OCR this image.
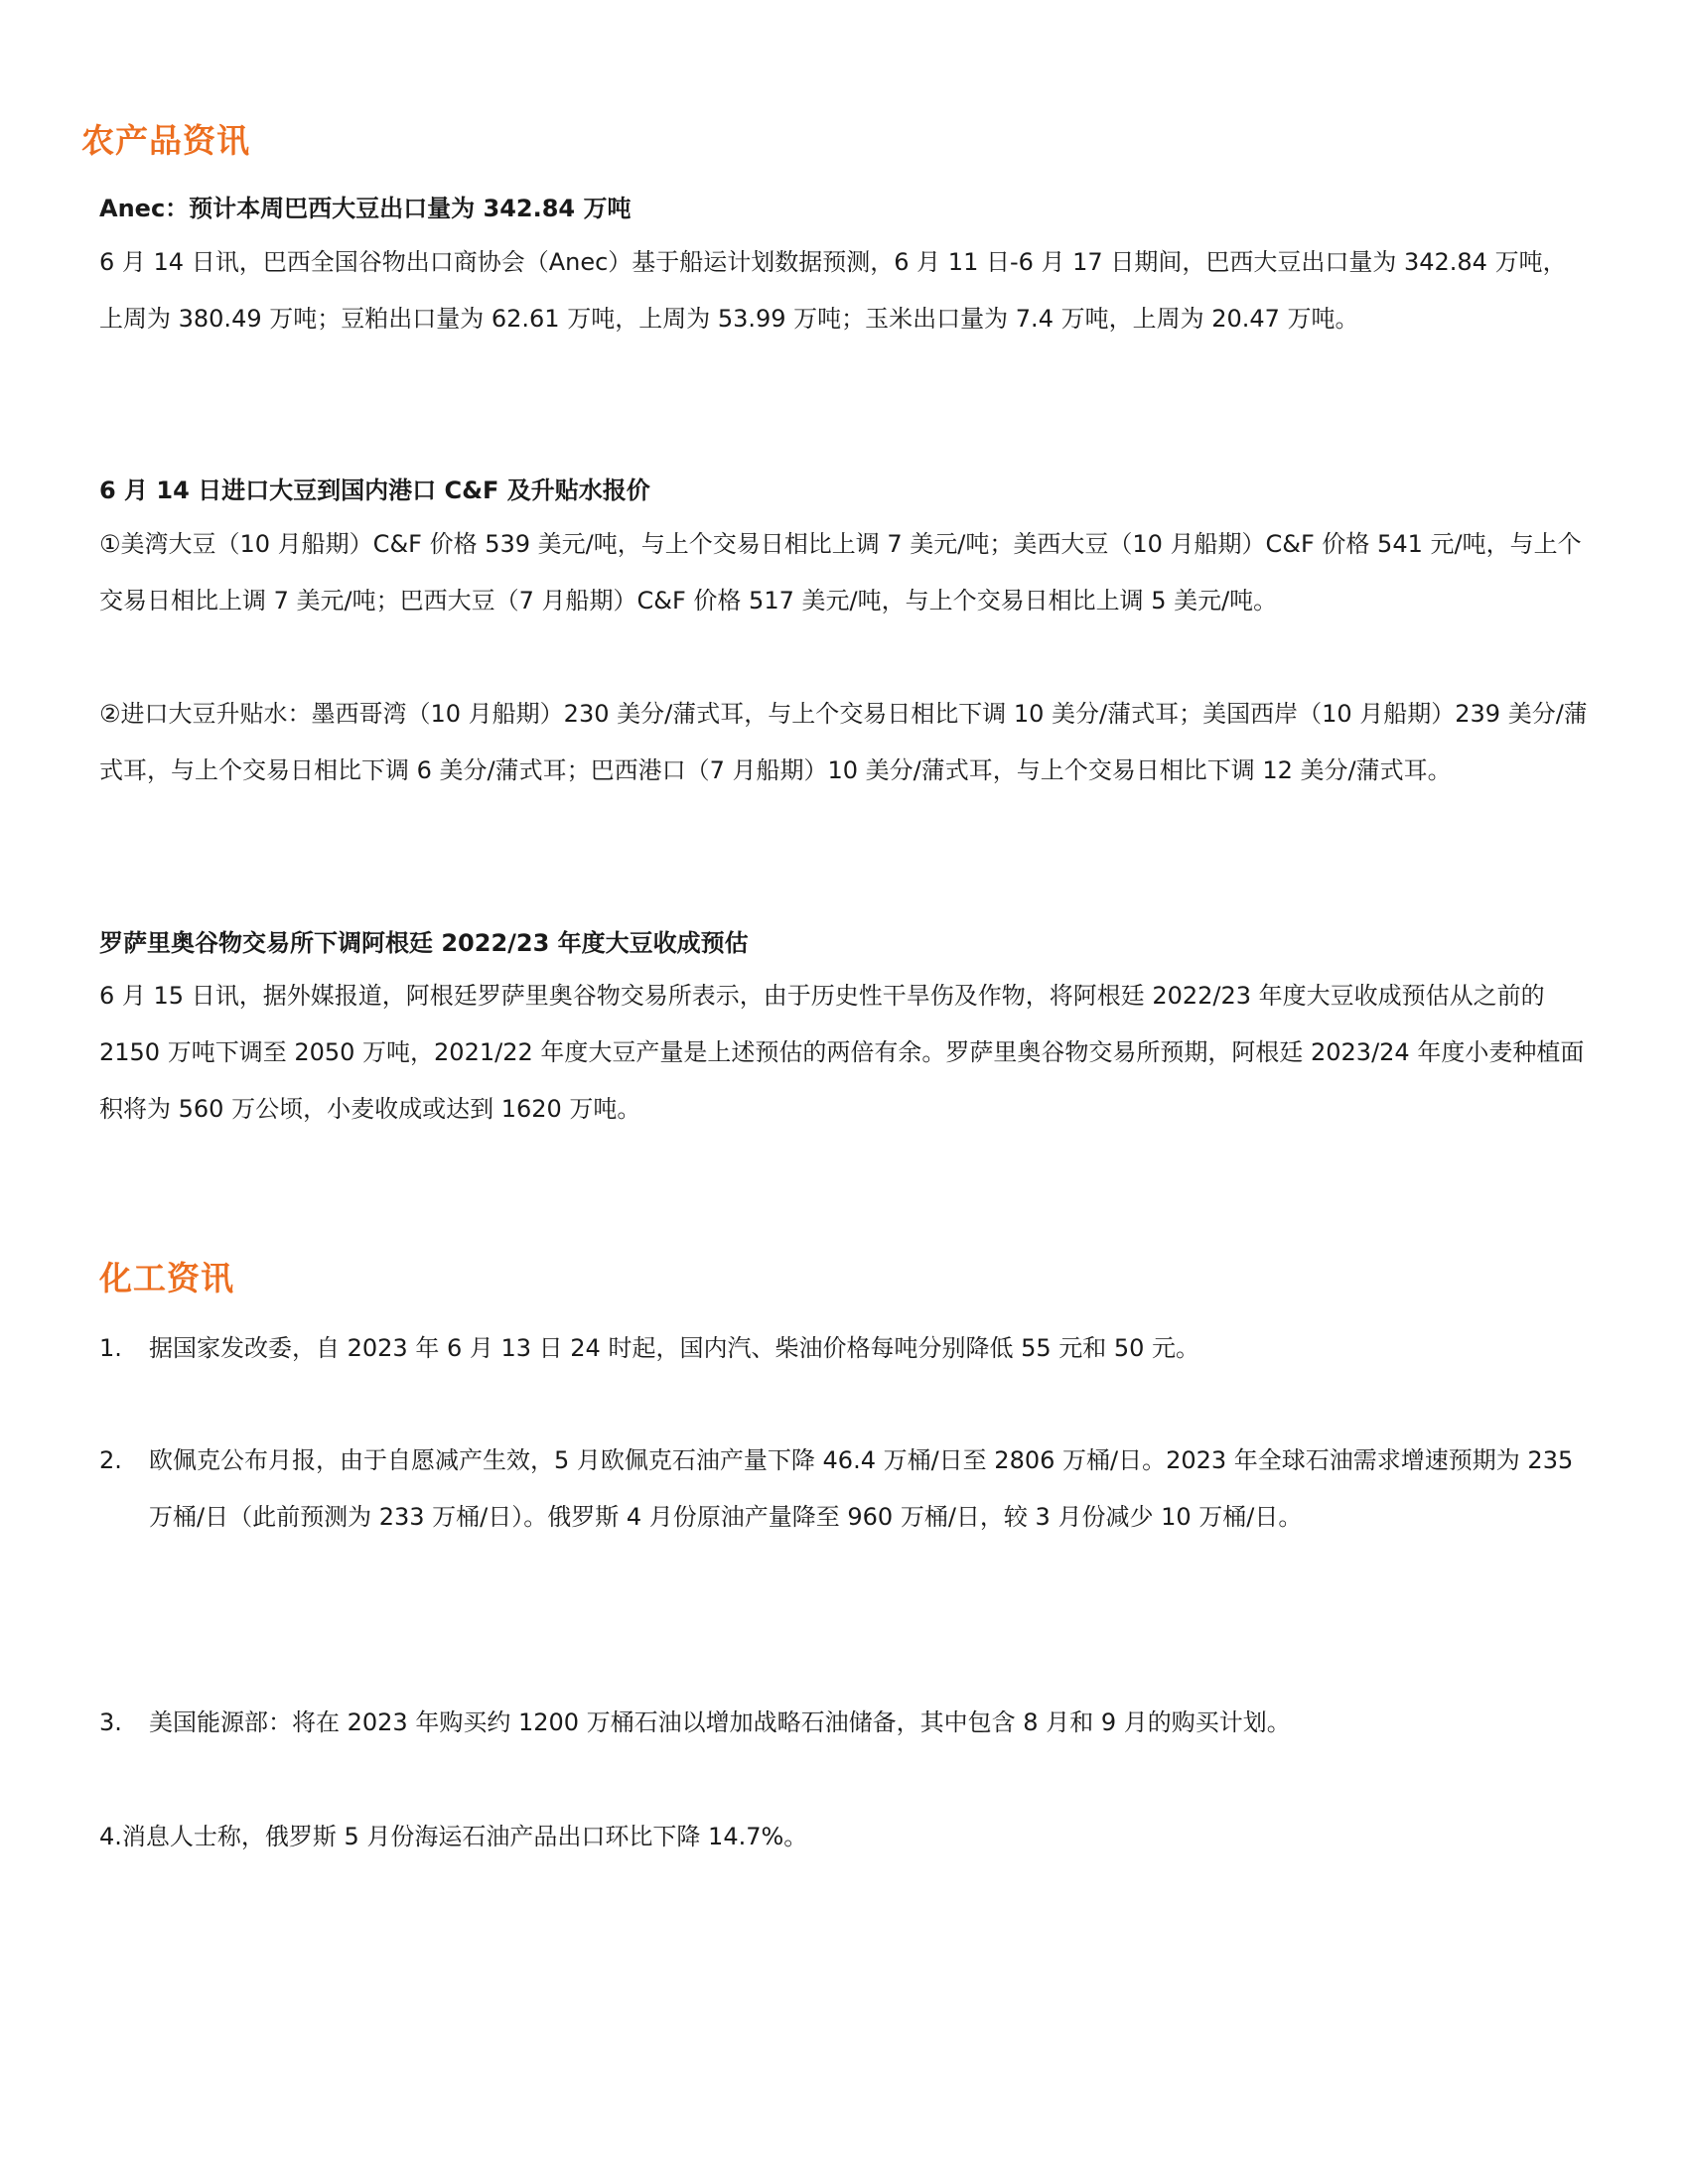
农产品资讯
Anec：预计本周巴西大豆出口量为 342.84 万吨

6 月 14 日讯，巴西全国谷物出口商协会（Anec）基于船运计划数据预测，6 月 11 日-6 月 17 日期间，巴西大豆出口量为 342.84 万吨，上周为 380.49 万吨；豆粕出口量为 62.61 万吨，上周为 53.99 万吨；玉米出口量为 7.4 万吨，上周为 20.47 万吨。

6 月 14 日进口大豆到国内港口 C&F 及升贴水报价

①美湾大豆（10 月船期）C&F 价格 539 美元/吨，与上个交易日相比上调 7 美元/吨；美西大豆（10 月船期）C&F 价格 541 元/吨，与上个交易日相比上调 7 美元/吨；巴西大豆（7 月船期）C&F 价格 517 美元/吨，与上个交易日相比上调 5 美元/吨。

②进口大豆升贴水：墨西哥湾（10 月船期）230 美分/蒲式耳，与上个交易日相比下调 10 美分/蒲式耳；美国西岸（10 月船期）239 美分/蒲式耳，与上个交易日相比下调 6 美分/蒲式耳；巴西港口（7 月船期）10 美分/蒲式耳，与上个交易日相比下调 12 美分/蒲式耳。

罗萨里奥谷物交易所下调阿根廷 2022/23 年度大豆收成预估

6 月 15 日讯，据外媒报道，阿根廷罗萨里奥谷物交易所表示，由于历史性干旱伤及作物，将阿根廷 2022/23 年度大豆收成预估从之前的 2150 万吨下调至 2050 万吨，2021/22 年度大豆产量是上述预估的两倍有余。罗萨里奥谷物交易所预期，阿根廷 2023/24 年度小麦种植面积将为 560 万公顷，小麦收成或达到 1620 万吨。

化工资讯
1. 据国家发改委，自 2023 年 6 月 13 日 24 时起，国内汽、柴油价格每吨分别降低 55 元和 50 元。
2. 欧佩克公布月报，由于自愿减产生效，5 月欧佩克石油产量下降 46.4 万桶/日至 2806 万桶/日。2023 年全球石油需求增速预期为 235 万桶/日（此前预测为 233 万桶/日）。俄罗斯 4 月份原油产量降至 960 万桶/日，较 3 月份减少 10 万桶/日。
3. 美国能源部：将在 2023 年购买约 1200 万桶石油以增加战略石油储备，其中包含 8 月和 9 月的购买计划。

4.消息人士称，俄罗斯 5 月份海运石油产品出口环比下降 14.7%。
